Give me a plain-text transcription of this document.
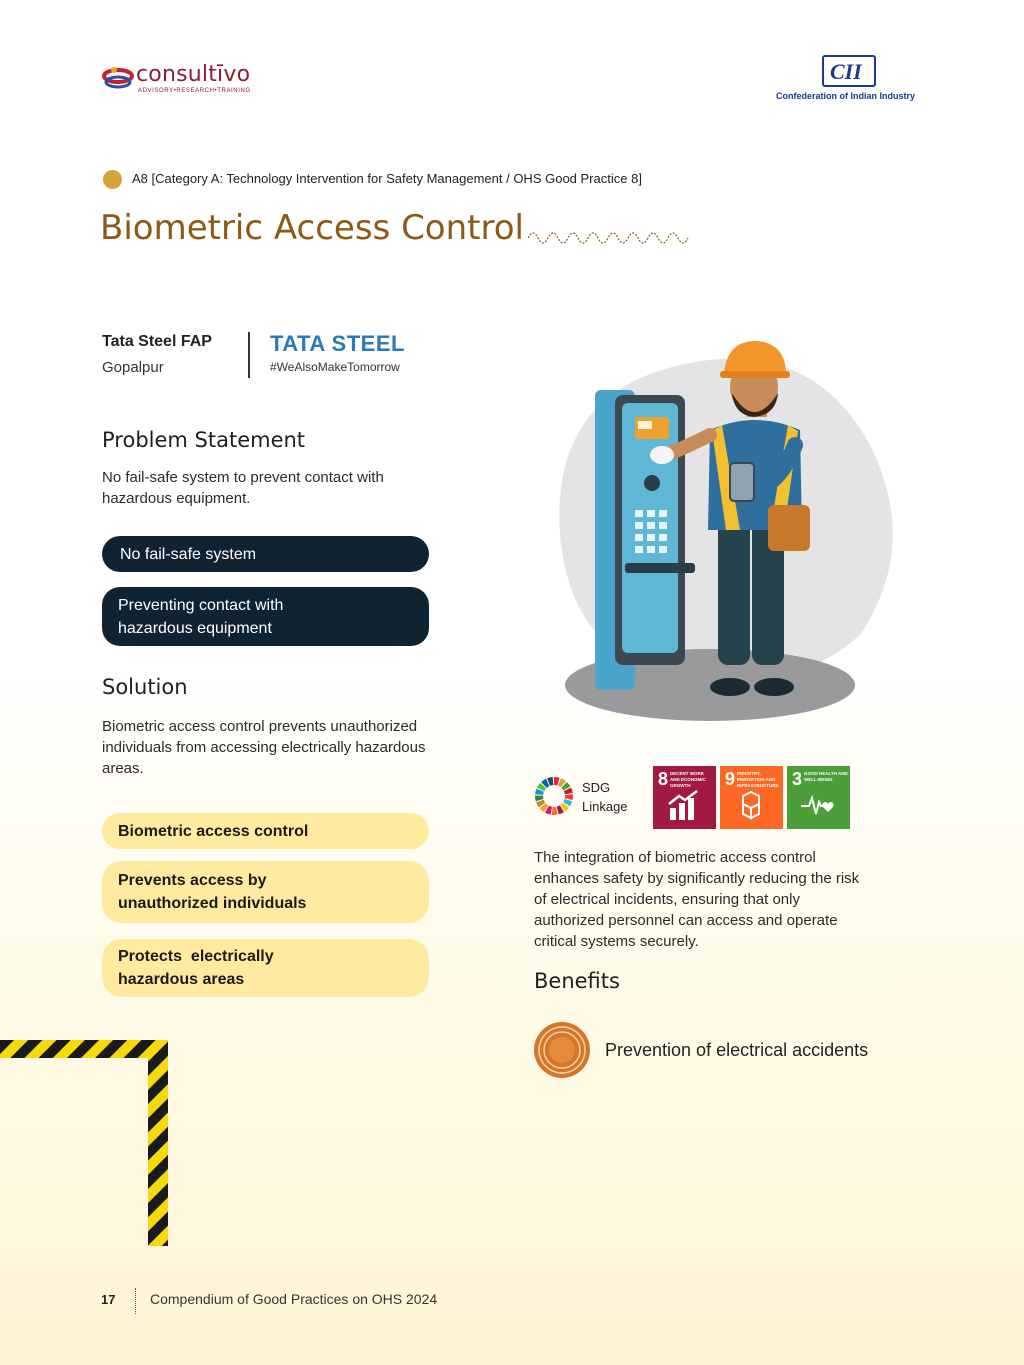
consultīvo
ADVISORY•RESEARCH•TRAINING
CII
Confederation of Indian Industry
A8 [Category A: Technology Intervention for Safety Management / OHS Good Practice 8]
Biometric Access Control
Tata Steel FAP
Gopalpur
TATA STEEL
#WeAlsoMakeTomorrow
Problem Statement

No fail-safe system to prevent contact with hazardous equipment.

No fail-safe system
Preventing contact with hazardous equipment
Solution

Biometric access control prevents unauthorized individuals from accessing electrically hazardous areas.

Biometric access control
Prevents access by unauthorized individuals
Protects  electrically hazardous areas
SDG Linkage
8 DECENT WORK AND ECONOMIC GROWTH	9 INDUSTRY, INNOVATION AND INFRASTRUCTURE 3 GOOD HEALTH AND WELL-BEING

The integration of biometric access control enhances safety by significantly reducing the risk of electrical incidents, ensuring that only authorized personnel can access and operate critical systems securely.

Benefits
Prevention of electrical accidents
17 Compendium of Good Practices on OHS 2024
